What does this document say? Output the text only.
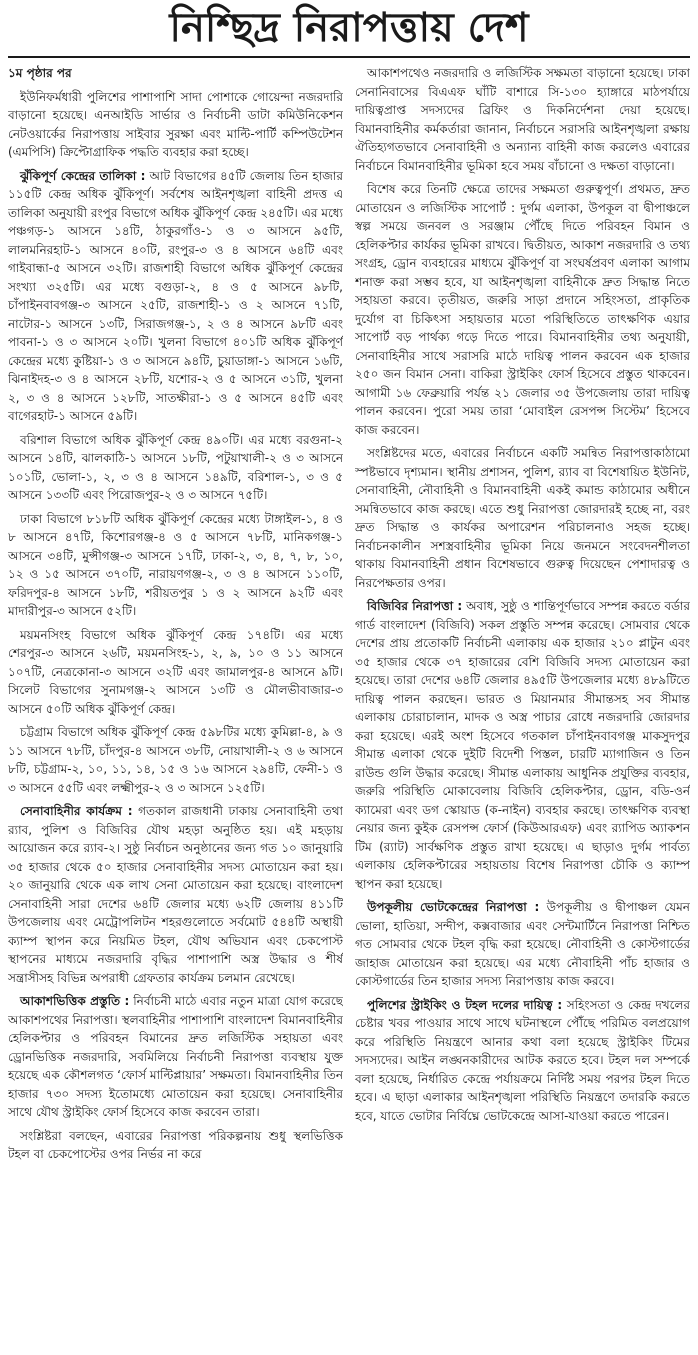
নিশ্ছিদ্র নিরাপত্তায় দেশ

১ম পৃষ্ঠার পর

ইউনিফর্মধারী পুলিশের পাশাপাশি সাদা পোশাকে গোয়েন্দা নজরদারি বাড়ানো হয়েছে। এনআইডি সার্ভার ও নির্বাচনী ডাটা কমিউনিকেশন নেটওয়ার্কের নিরাপত্তায় সাইবার সুরক্ষা এবং মাল্টি-পার্টি কম্পিউটেশন (এমপিসি) ক্রিপ্টোগ্রাফিক পদ্ধতি ব্যবহার করা হচ্ছে।

ঝুঁকিপূর্ণ কেন্দ্রের তালিকা : আট বিভাগের ৪৫টি জেলায় তিন হাজার ১১৫টি কেন্দ্র অধিক ঝুঁকিপূর্ণ। সর্বশেষ আইনশৃঙ্খলা বাহিনী প্রদত্ত এ তালিকা অনুযায়ী রংপুর বিভাগে অধিক ঝুঁকিপূর্ণ কেন্দ্র ২৪৫টি। এর মধ্যে পঞ্চগড়-১ আসনে ১৪টি, ঠাকুরগাঁও-১ ও ৩ আসনে ৯৫টি, লালমনিরহাট-১ আসনে ৪০টি, রংপুর-৩ ও ৪ আসনে ৬৪টি এবং গাইবান্ধা-৫ আসনে ৩২টি। রাজশাহী বিভাগে অধিক ঝুঁকিপূর্ণ কেন্দ্রের সংখ্যা ৩২৫টি। এর মধ্যে বগুড়া-২, ৪ ও ৫ আসনে ৯৮টি, চাঁপাইনবাবগঞ্জ-৩ আসনে ২৫টি, রাজশাহী-১ ও ২ আসনে ৭১টি, নাটোর-১ আসনে ১৩টি, সিরাজগঞ্জ-১, ২ ও ৪ আসনে ৯৮টি এবং পাবনা-১ ও ৩ আসনে ২০টি। খুলনা বিভাগে ৪০১টি অধিক ঝুঁকিপূর্ণ কেন্দ্রের মধ্যে কুষ্টিয়া-১ ও ৩ আসনে ৯৪টি, চুয়াডাঙ্গা-১ আসনে ১৬টি, ঝিনাইদহ-৩ ও ৪ আসনে ২৮টি, যশোর-২ ও ৫ আসনে ৩১টি, খুলনা ২, ৩ ও ৪ আসনে ১২৮টি, সাতক্ষীরা-১ ও ৫ আসনে ৪৫টি এবং বাগেরহাট-১ আসনে ৫৯টি।

বরিশাল বিভাগে অধিক ঝুঁকিপূর্ণ কেন্দ্র ৪৯০টি। এর মধ্যে বরগুনা-২ আসনে ১৪টি, ঝালকাঠি-১ আসনে ১৮টি, পটুয়াখালী-২ ও ৩ আসনে ১০১টি, ভোলা-১, ২, ৩ ও ৪ আসনে ১৪৯টি, বরিশাল-১, ৩ ও ৫ আসনে ১৩৩টি এবং পিরোজপুর-২ ও ৩ আসনে ৭৫টি।

ঢাকা বিভাগে ৮১৮টি অধিক ঝুঁকিপূর্ণ কেন্দ্রের মধ্যে টাঙ্গাইল-১, ৪ ও ৮ আসনে ৪৭টি, কিশোরগঞ্জ-৪ ও ৫ আসনে ৭৮টি, মানিকগঞ্জ-১ আসনে ৩৪টি, মুন্সীগঞ্জ-৩ আসনে ১৭টি, ঢাকা-২, ৩, ৪, ৭, ৮, ১০, ১২ ও ১৫ আসনে ৩৭০টি, নারায়ণগঞ্জ-২, ৩ ও ৪ আসনে ১১০টি, ফরিদপুর-৪ আসনে ১৮টি, শরীয়তপুর ১ ও ২ আসনে ৯২টি এবং মাদারীপুর-৩ আসনে ৫২টি।

ময়মনসিংহ বিভাগে অধিক ঝুঁকিপূর্ণ কেন্দ্র ১৭৪টি। এর মধ্যে শেরপুর-৩ আসনে ২৬টি, ময়মনসিংহ-১, ২, ৯, ১০ ও ১১ আসনে ১০৭টি, নেত্রকোনা-৩ আসনে ৩২টি এবং জামালপুর-৪ আসনে ৯টি। সিলেট বিভাগের সুনামগঞ্জ-২ আসনে ১৩টি ও মৌলভীবাজার-৩ আসনে ৫০টি অধিক ঝুঁকিপূর্ণ কেন্দ্র।

চট্টগ্রাম বিভাগে অধিক ঝুঁকিপূর্ণ কেন্দ্র ৫৯৮টির মধ্যে কুমিল্লা-৪, ৯ ও ১১ আসনে ৭৮টি, চাঁদপুর-৪ আসনে ৩৮টি, নোয়াখালী-২ ও ৬ আসনে ৮টি, চট্টগ্রাম-২, ১০, ১১, ১৪, ১৫ ও ১৬ আসনে ২৯৪টি, ফেনী-১ ও ৩ আসনে ৫৫টি এবং লক্ষ্মীপুর-২ ও ৩ আসনে ১২৫টি।

সেনাবাহিনীর কার্যক্রম : গতকাল রাজধানী ঢাকায় সেনাবাহিনী তথা র‍্যাব, পুলিশ ও বিজিবির যৌথ মহড়া অনুষ্ঠিত হয়। এই মহড়ায় আয়োজন করে র‍্যাব-২। সুষ্ঠু নির্বাচন অনুষ্ঠানের জন্য গত ১০ জানুয়ারি ৩৫ হাজার থেকে ৫০ হাজার সেনাবাহিনীর সদস্য মোতায়েন করা হয়। ২০ জানুয়ারি থেকে এক লাখ সেনা মোতায়েন করা হয়েছে। বাংলাদেশ সেনাবাহিনী সারা দেশের ৬৪টি জেলার মধ্যে ৬২টি জেলায় ৪১১টি উপজেলায় এবং মেট্রোপলিটন শহরগুলোতে সর্বমোট ৫৪৪টি অস্থায়ী ক্যাম্প স্থাপন করে নিয়মিত টহল, যৌথ অভিযান এবং চেকপোস্ট স্থাপনের মাধ্যমে নজরদারি বৃদ্ধির পাশাপাশি অস্ত্র উদ্ধার ও শীর্ষ সন্ত্রাসীসহ বিভিন্ন অপরাধী গ্রেফতার কার্যক্রম চলমান রেখেছে।

আকাশভিত্তিক প্রস্তুতি : নির্বাচনী মাঠে এবার নতুন মাত্রা যোগ করেছে আকাশপথের নিরাপত্তা। স্থলবাহিনীর পাশাপাশি বাংলাদেশ বিমানবাহিনীর হেলিকপ্টার ও পরিবহন বিমানের দ্রুত লজিস্টিক সহায়তা এবং ড্রোনভিত্তিক নজরদারি, সবমিলিয়ে নির্বাচনী নিরাপত্তা ব্যবস্থায় যুক্ত হয়েছে এক কৌশলগত ‘ফোর্স মাল্টিপ্লায়ার’ সক্ষমতা। বিমানবাহিনীর তিন হাজার ৭৩০ সদস্য ইতোমধ্যে মোতায়েন করা হয়েছে। সেনাবাহিনীর সাথে যৌথ স্ট্রাইকিং ফোর্স হিসেবে কাজ করবেন তারা।

সংশ্লিষ্টরা বলছেন, এবারের নিরাপত্তা পরিকল্পনায় শুধু স্থলভিত্তিক টহল বা চেকপোস্টের ওপর নির্ভর না করে

আকাশপথেও নজরদারি ও লজিস্টিক সক্ষমতা বাড়ানো হয়েছে। ঢাকা সেনানিবাসের বিএএফ ঘাঁটি বাশারে সি-১৩০ হ্যাঙ্গারে মাঠপর্যায়ে দায়িত্বপ্রাপ্ত সদস্যদের ব্রিফিং ও দিকনির্দেশনা দেয়া হয়েছে। বিমানবাহিনীর কর্মকর্তারা জানান, নির্বাচনে সরাসরি আইনশৃঙ্খলা রক্ষায় ঐতিহ্যগতভাবে সেনাবাহিনী ও অন্যান্য বাহিনী কাজ করলেও এবারের নির্বাচনে বিমানবাহিনীর ভূমিকা হবে সময় বাঁচানো ও দক্ষতা বাড়ানো।

বিশেষ করে তিনটি ক্ষেত্রে তাদের সক্ষমতা গুরুত্বপূর্ণ। প্রথমত, দ্রুত মোতায়েন ও লজিস্টিক সাপোর্ট : দুর্গম এলাকা, উপকূল বা দ্বীপাঞ্চলে স্বল্প সময়ে জনবল ও সরঞ্জাম পৌঁছে দিতে পরিবহন বিমান ও হেলিকপ্টার কার্যকর ভূমিকা রাখবে। দ্বিতীয়ত, আকাশ নজরদারি ও তথ্য সংগ্রহ, ড্রোন ব্যবহারের মাধ্যমে ঝুঁকিপূর্ণ বা সংঘর্ষপ্রবণ এলাকা আগাম শনাক্ত করা সম্ভব হবে, যা আইনশৃঙ্খলা বাহিনীকে দ্রুত সিদ্ধান্ত নিতে সহায়তা করবে। তৃতীয়ত, জরুরি সাড়া প্রদানে সহিংসতা, প্রাকৃতিক দুর্যোগ বা চিকিৎসা সহায়তার মতো পরিস্থিতিতে তাৎক্ষণিক এয়ার সাপোর্ট বড় পার্থক্য গড়ে দিতে পারে। বিমানবাহিনীর তথ্য অনুযায়ী, সেনাবাহিনীর সাথে সরাসরি মাঠে দায়িত্ব পালন করবেন এক হাজার ২৫০ জন বিমান সেনা। বাকিরা স্ট্রাইকিং ফোর্স হিসেবে প্রস্তুত থাকবেন। আগামী ১৬ ফেব্রুয়ারি পর্যন্ত ২১ জেলার ৩৫ উপজেলায় তারা দায়িত্ব পালন করবেন। পুরো সময় তারা ‘মোবাইল রেসপন্স সিস্টেম’ হিসেবে কাজ করবেন।

সংশ্লিষ্টদের মতে, এবারের নির্বাচনে একটি সমন্বিত নিরাপত্তাকাঠামো স্পষ্টভাবে দৃশ্যমান। স্থানীয় প্রশাসন, পুলিশ, র‍্যাব বা বিশেষায়িত ইউনিট, সেনাবাহিনী, নৌবাহিনী ও বিমানবাহিনী একই কমান্ড কাঠামোর অধীনে সমন্বিতভাবে কাজ করছে। এতে শুধু নিরাপত্তা জোরদারই হচ্ছে না, বরং দ্রুত সিদ্ধান্ত ও কার্যকর অপারেশন পরিচালনাও সহজ হচ্ছে। নির্বাচনকালীন সশস্ত্রবাহিনীর ভূমিকা নিয়ে জনমনে সংবেদনশীলতা থাকায় বিমানবাহিনী প্রধান বিশেষভাবে গুরুত্ব দিয়েছেন পেশাদারত্ব ও নিরপেক্ষতার ওপর।

বিজিবির নিরাপত্তা : অবাধ, সুষ্ঠু ও শান্তিপূর্ণভাবে সম্পন্ন করতে বর্ডার গার্ড বাংলাদেশ (বিজিবি) সকল প্রস্তুতি সম্পন্ন করেছে। সোমবার থেকে দেশের প্রায় প্রতোকটি নির্বাচনী এলাকায় এক হাজার ২১০ প্লাটুন এবং ৩৫ হাজার থেকে ৩৭ হাজারের বেশি বিজিবি সদস্য মোতায়েন করা হয়েছে। তারা দেশের ৬৪টি জেলার ৪৯৫টি উপজেলার মধ্যে ৪৮৯টিতে দায়িত্ব পালন করছেন। ভারত ও মিয়ানমার সীমান্তসহ সব সীমান্ত এলাকায় চোরাচালান, মাদক ও অস্ত্র পাচার রোধে নজরদারি জোরদার করা হয়েছে। এরই অংশ হিসেবে গতকাল চাঁপাইনবাবগঞ্জ মাকসুদপুর সীমান্ত এলাকা থেকে দুইটি বিদেশী পিস্তল, চারটি ম্যাগাজিন ও তিন রাউন্ড গুলি উদ্ধার করেছে। সীমান্ত এলাকায় আধুনিক প্রযুক্তির ব্যবহার, জরুরি পরিস্থিতি মোকাবেলায় বিজিবি হেলিকপ্টার, ড্রোন, বডি-ওর্ন ক্যামেরা এবং ডগ স্কোয়াড (ক-নাইন) ব্যবহার করছে। তাৎক্ষণিক ব্যবস্থা নেয়ার জন্য কুইক রেসপন্স ফোর্স (কিউআরএফ) এবং র‍্যাপিড অ্যাকশন টিম (র‍্যাট) সার্বক্ষণিক প্রস্তুত রাখা হয়েছে। এ ছাড়াও দুর্গম পার্বত্য এলাকায় হেলিকপ্টারের সহায়তায় বিশেষ নিরাপত্তা চৌকি ও ক্যাম্প স্থাপন করা হয়েছে।

উপকূলীয় ভোটকেন্দ্রের নিরাপত্তা : উপকূলীয় ও দ্বীপাঞ্চল যেমন ভোলা, হাতিয়া, সন্দীপ, কক্সবাজার এবং সেন্টমার্টিনে নিরাপত্তা নিশ্চিত গত সোমবার থেকে টহল বৃদ্ধি করা হয়েছে। নৌবাহিনী ও কোস্টগার্ডের জাহাজ মোতায়েন করা হয়েছে। এর মধ্যে নৌবাহিনী পাঁচ হাজার ও কোস্টগার্ডের তিন হাজার সদস্য নিরাপত্তায় কাজ করবে।

পুলিশের স্ট্রাইকিং ও টহল দলের দায়িত্ব : সহিংসতা ও কেন্দ্র দখলের চেষ্টার খবর পাওয়ার সাথে সাথে ঘটনাস্থলে পৌঁছে পরিমিত বলপ্রয়োগ করে পরিস্থিতি নিয়ন্ত্রণে আনার কথা বলা হয়েছে স্ট্রাইকিং টিমের সদস্যদের। আইন লঙ্ঘনকারীদের আটক করতে হবে। টহল দল সম্পর্কে বলা হয়েছে, নির্ধারিত কেন্দ্রে পর্যায়ক্রমে নির্দিষ্ট সময় পরপর টহল দিতে হবে। এ ছাড়া এলাকার আইনশৃঙ্খলা পরিস্থিতি নিয়ন্ত্রণে তদারকি করতে হবে, যাতে ভোটার নির্বিঘ্নে ভোটকেন্দ্রে আসা-যাওয়া করতে পারেন।
